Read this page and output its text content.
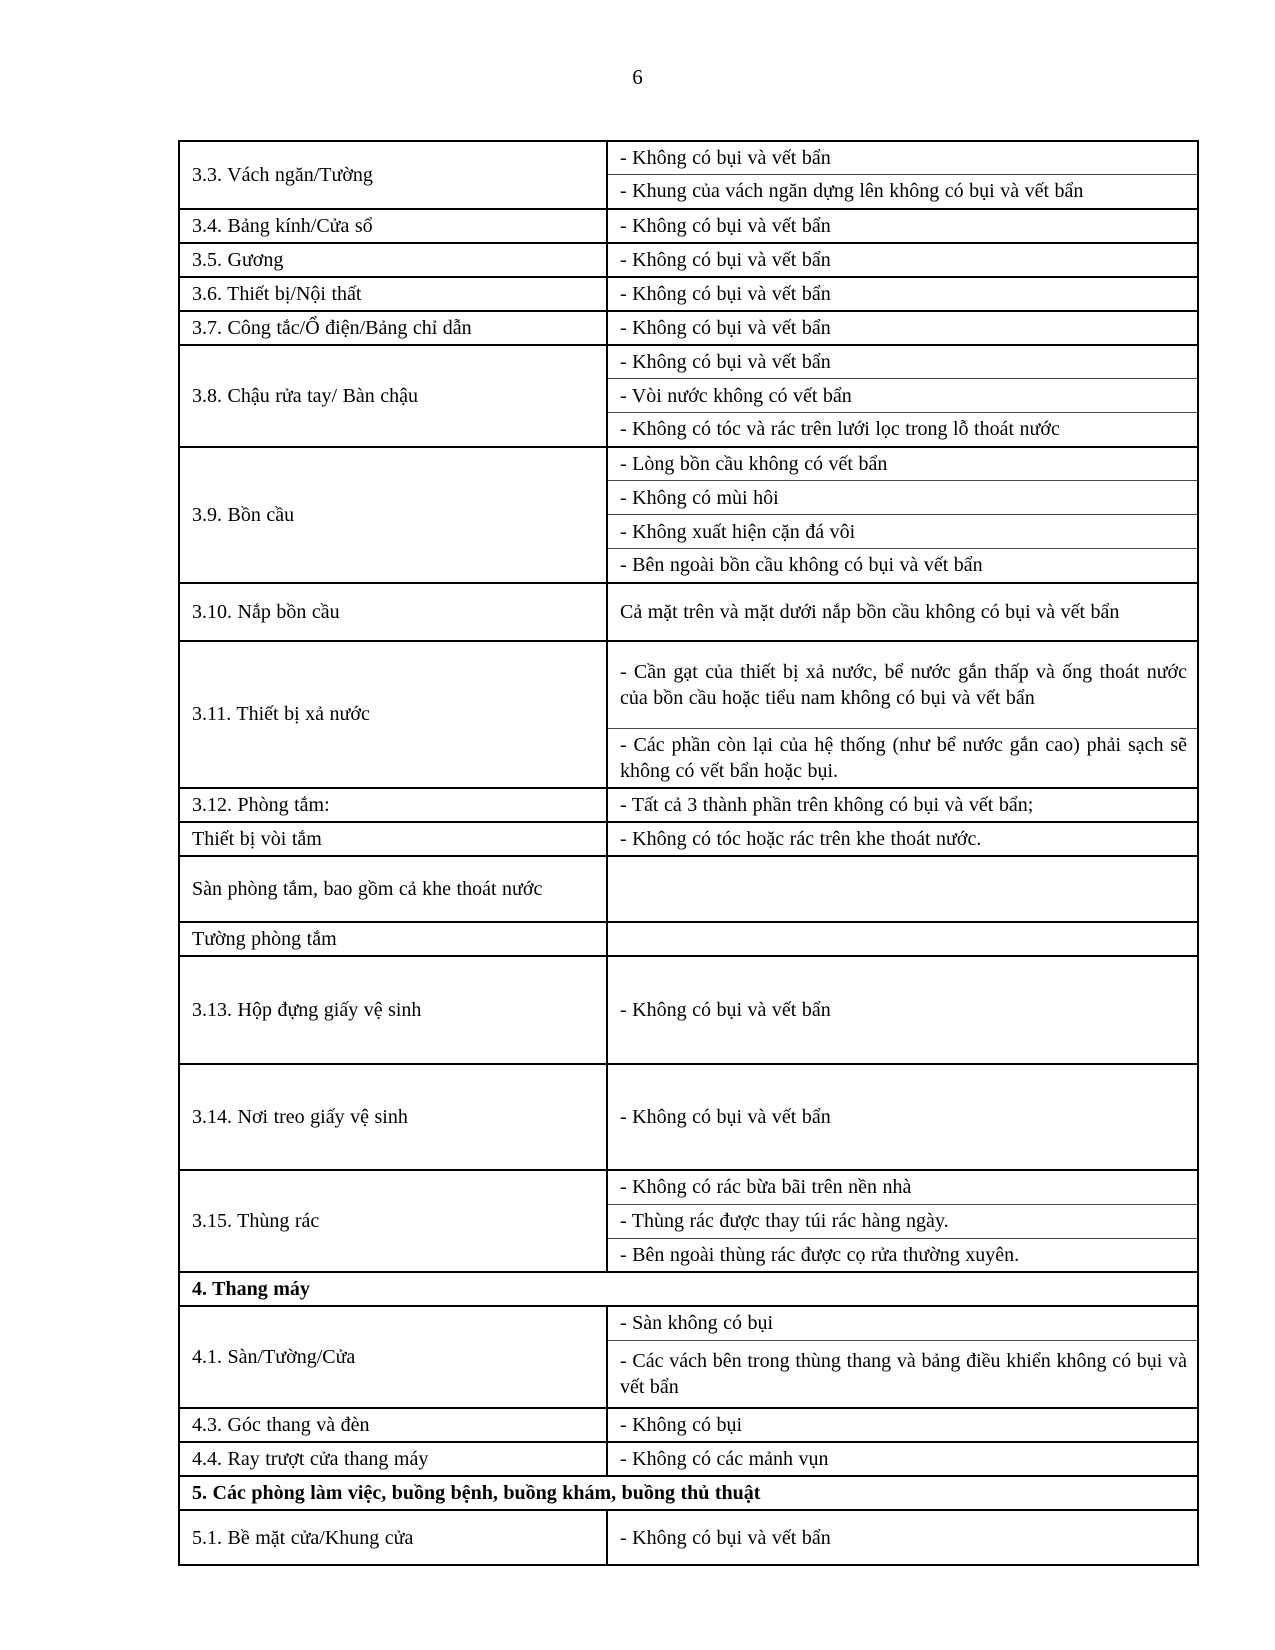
6
3.3. Vách ngăn/Tường	- Không có bụi và vết bẩn
	- Khung của vách ngăn dựng lên không có bụi và vết bẩn
3.4. Bảng kính/Cửa sổ	- Không có bụi và vết bẩn
3.5. Gương	- Không có bụi và vết bẩn
3.6. Thiết bị/Nội thất	- Không có bụi và vết bẩn
3.7. Công tắc/Ổ điện/Bảng chỉ dẫn	- Không có bụi và vết bẩn
3.8. Chậu rửa tay/ Bàn chậu	- Không có bụi và vết bẩn
	- Vòi nước không có vết bẩn
	- Không có tóc và rác trên lưới lọc trong lỗ thoát nước
3.9. Bồn cầu	- Lòng bồn cầu không có vết bẩn
	- Không có mùi hôi
	- Không xuất hiện cặn đá vôi
	- Bên ngoài bồn cầu không có bụi và vết bẩn
3.10. Nắp bồn cầu	Cả mặt trên và mặt dưới nắp bồn cầu không có bụi và vết bẩn
3.11. Thiết bị xả nước	- Cần gạt của thiết bị xả nước, bể nước gắn thấp và ống thoát nước của bồn cầu hoặc tiểu nam không có bụi và vết bẩn
	- Các phần còn lại của hệ thống (như bể nước gắn cao) phải sạch sẽ không có vết bẩn hoặc bụi.
3.12. Phòng tắm:	- Tất cả 3 thành phần trên không có bụi và vết bẩn;
Thiết bị vòi tắm	- Không có tóc hoặc rác trên khe thoát nước.
Sàn phòng tắm, bao gồm cả khe thoát nước	
Tường phòng tắm	
3.13. Hộp đựng giấy vệ sinh	- Không có bụi và vết bẩn
3.14. Nơi treo giấy vệ sinh	- Không có bụi và vết bẩn
3.15. Thùng rác	- Không có rác bừa bãi trên nền nhà
	- Thùng rác được thay túi rác hàng ngày.
	- Bên ngoài thùng rác được cọ rửa thường xuyên.
4. Thang máy	
4.1. Sàn/Tường/Cửa	- Sàn không có bụi
	- Các vách bên trong thùng thang và bảng điều khiển không có bụi và vết bẩn
4.3. Góc thang và đèn	- Không có bụi
4.4. Ray trượt cửa thang máy	- Không có các mảnh vụn
5. Các phòng làm việc, buồng bệnh, buồng khám, buồng thủ thuật	
5.1. Bề mặt cửa/Khung cửa	- Không có bụi và vết bẩn
